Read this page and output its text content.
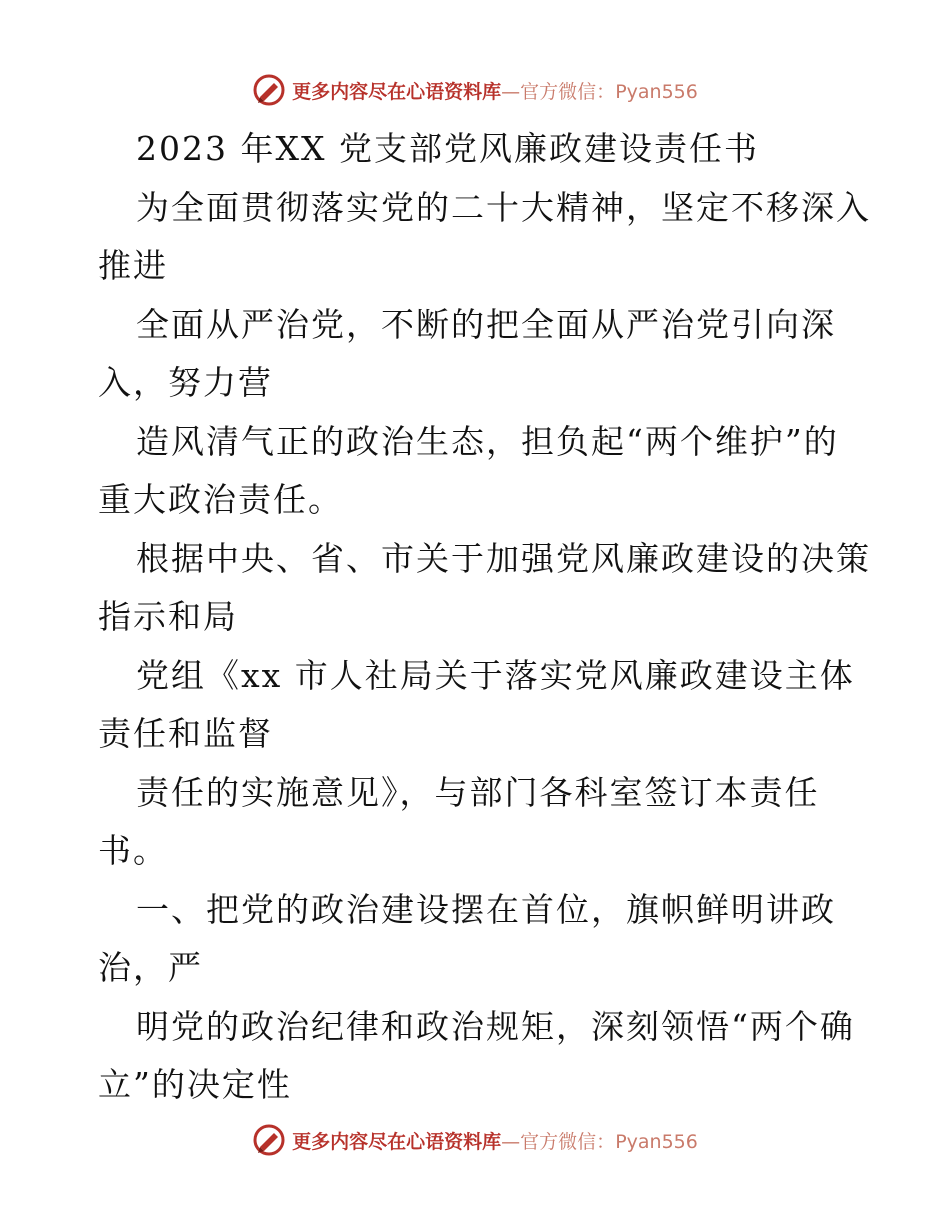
更多内容尽在心语资料库—官方微信：Pyan556
2023 年XX 党支部党风廉政建设责任书
为全面贯彻落实党的二十大精神，坚定不移深入
推进
全面从严治党，不断的把全面从严治党引向深
入，努力营
造风清气正的政治生态，担负起“两个维护”的
重大政治责任。
根据中央、省、市关于加强党风廉政建设的决策
指示和局
党组《xx 市人社局关于落实党风廉政建设主体
责任和监督
责任的实施意见》，与部门各科室签订本责任
书。
一、把党的政治建设摆在首位，旗帜鲜明讲政
治，严
明党的政治纪律和政治规矩，深刻领悟“两个确
立”的决定性
更多内容尽在心语资料库—官方微信：Pyan556
